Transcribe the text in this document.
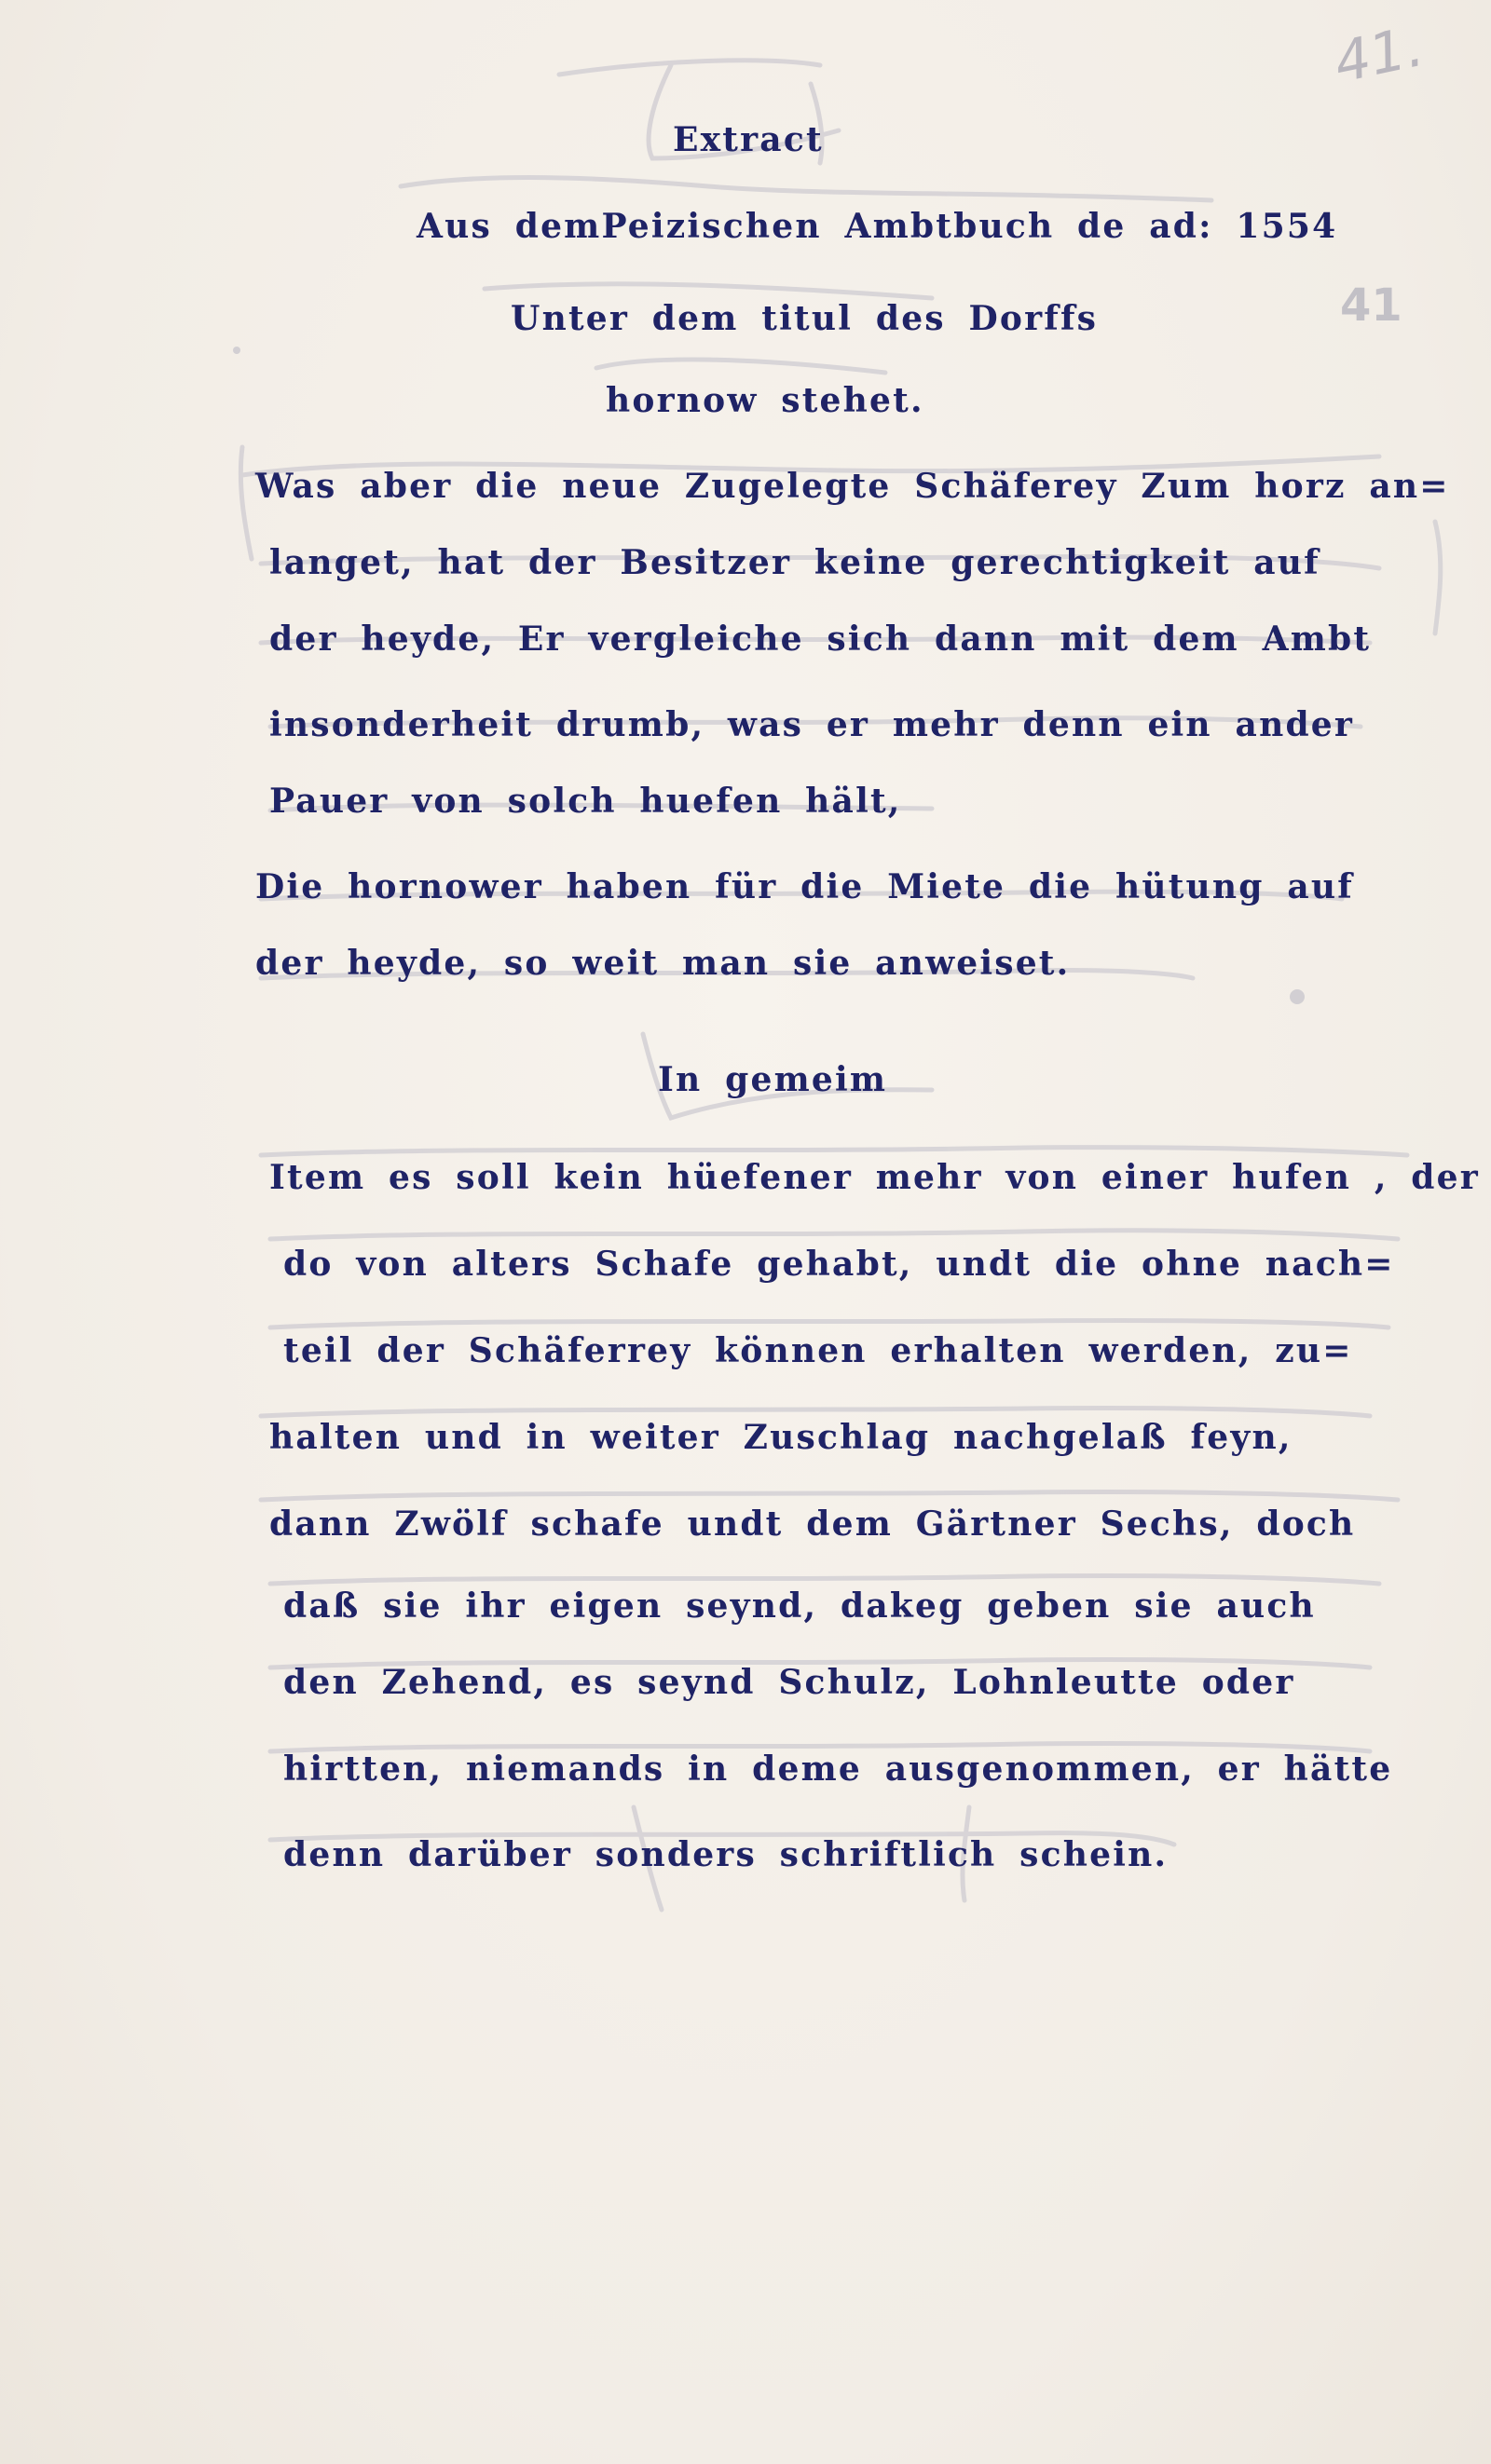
41.
41
Extract
Aus demPeizischen Ambtbuch de ad: 1554
Unter dem titul des Dorffs
hornow stehet.
Was aber die neue Zugelegte Schäferey Zum horz an=
langet, hat der Besitzer keine gerechtigkeit auf
der heyde, Er vergleiche sich dann mit dem Ambt
insonderheit drumb, was er mehr denn ein ander
Pauer von solch huefen hält,
Die hornower haben für die Miete die hütung auf
der heyde, so weit man sie anweiset.
In gemeim
Item es soll kein hüefener mehr von einer hufen , der
do von alters Schafe gehabt, undt die ohne nach=
teil der Schäferrey können erhalten werden, zu=
halten und in weiter Zuschlag nachgelaß feyn,
dann Zwölf schafe undt dem Gärtner Sechs, doch
daß sie ihr eigen seynd, dakeg geben sie auch
den Zehend, es seynd Schulz, Lohnleutte oder
hirtten, niemands in deme ausgenommen, er hätte
denn darüber sonders schriftlich schein.
